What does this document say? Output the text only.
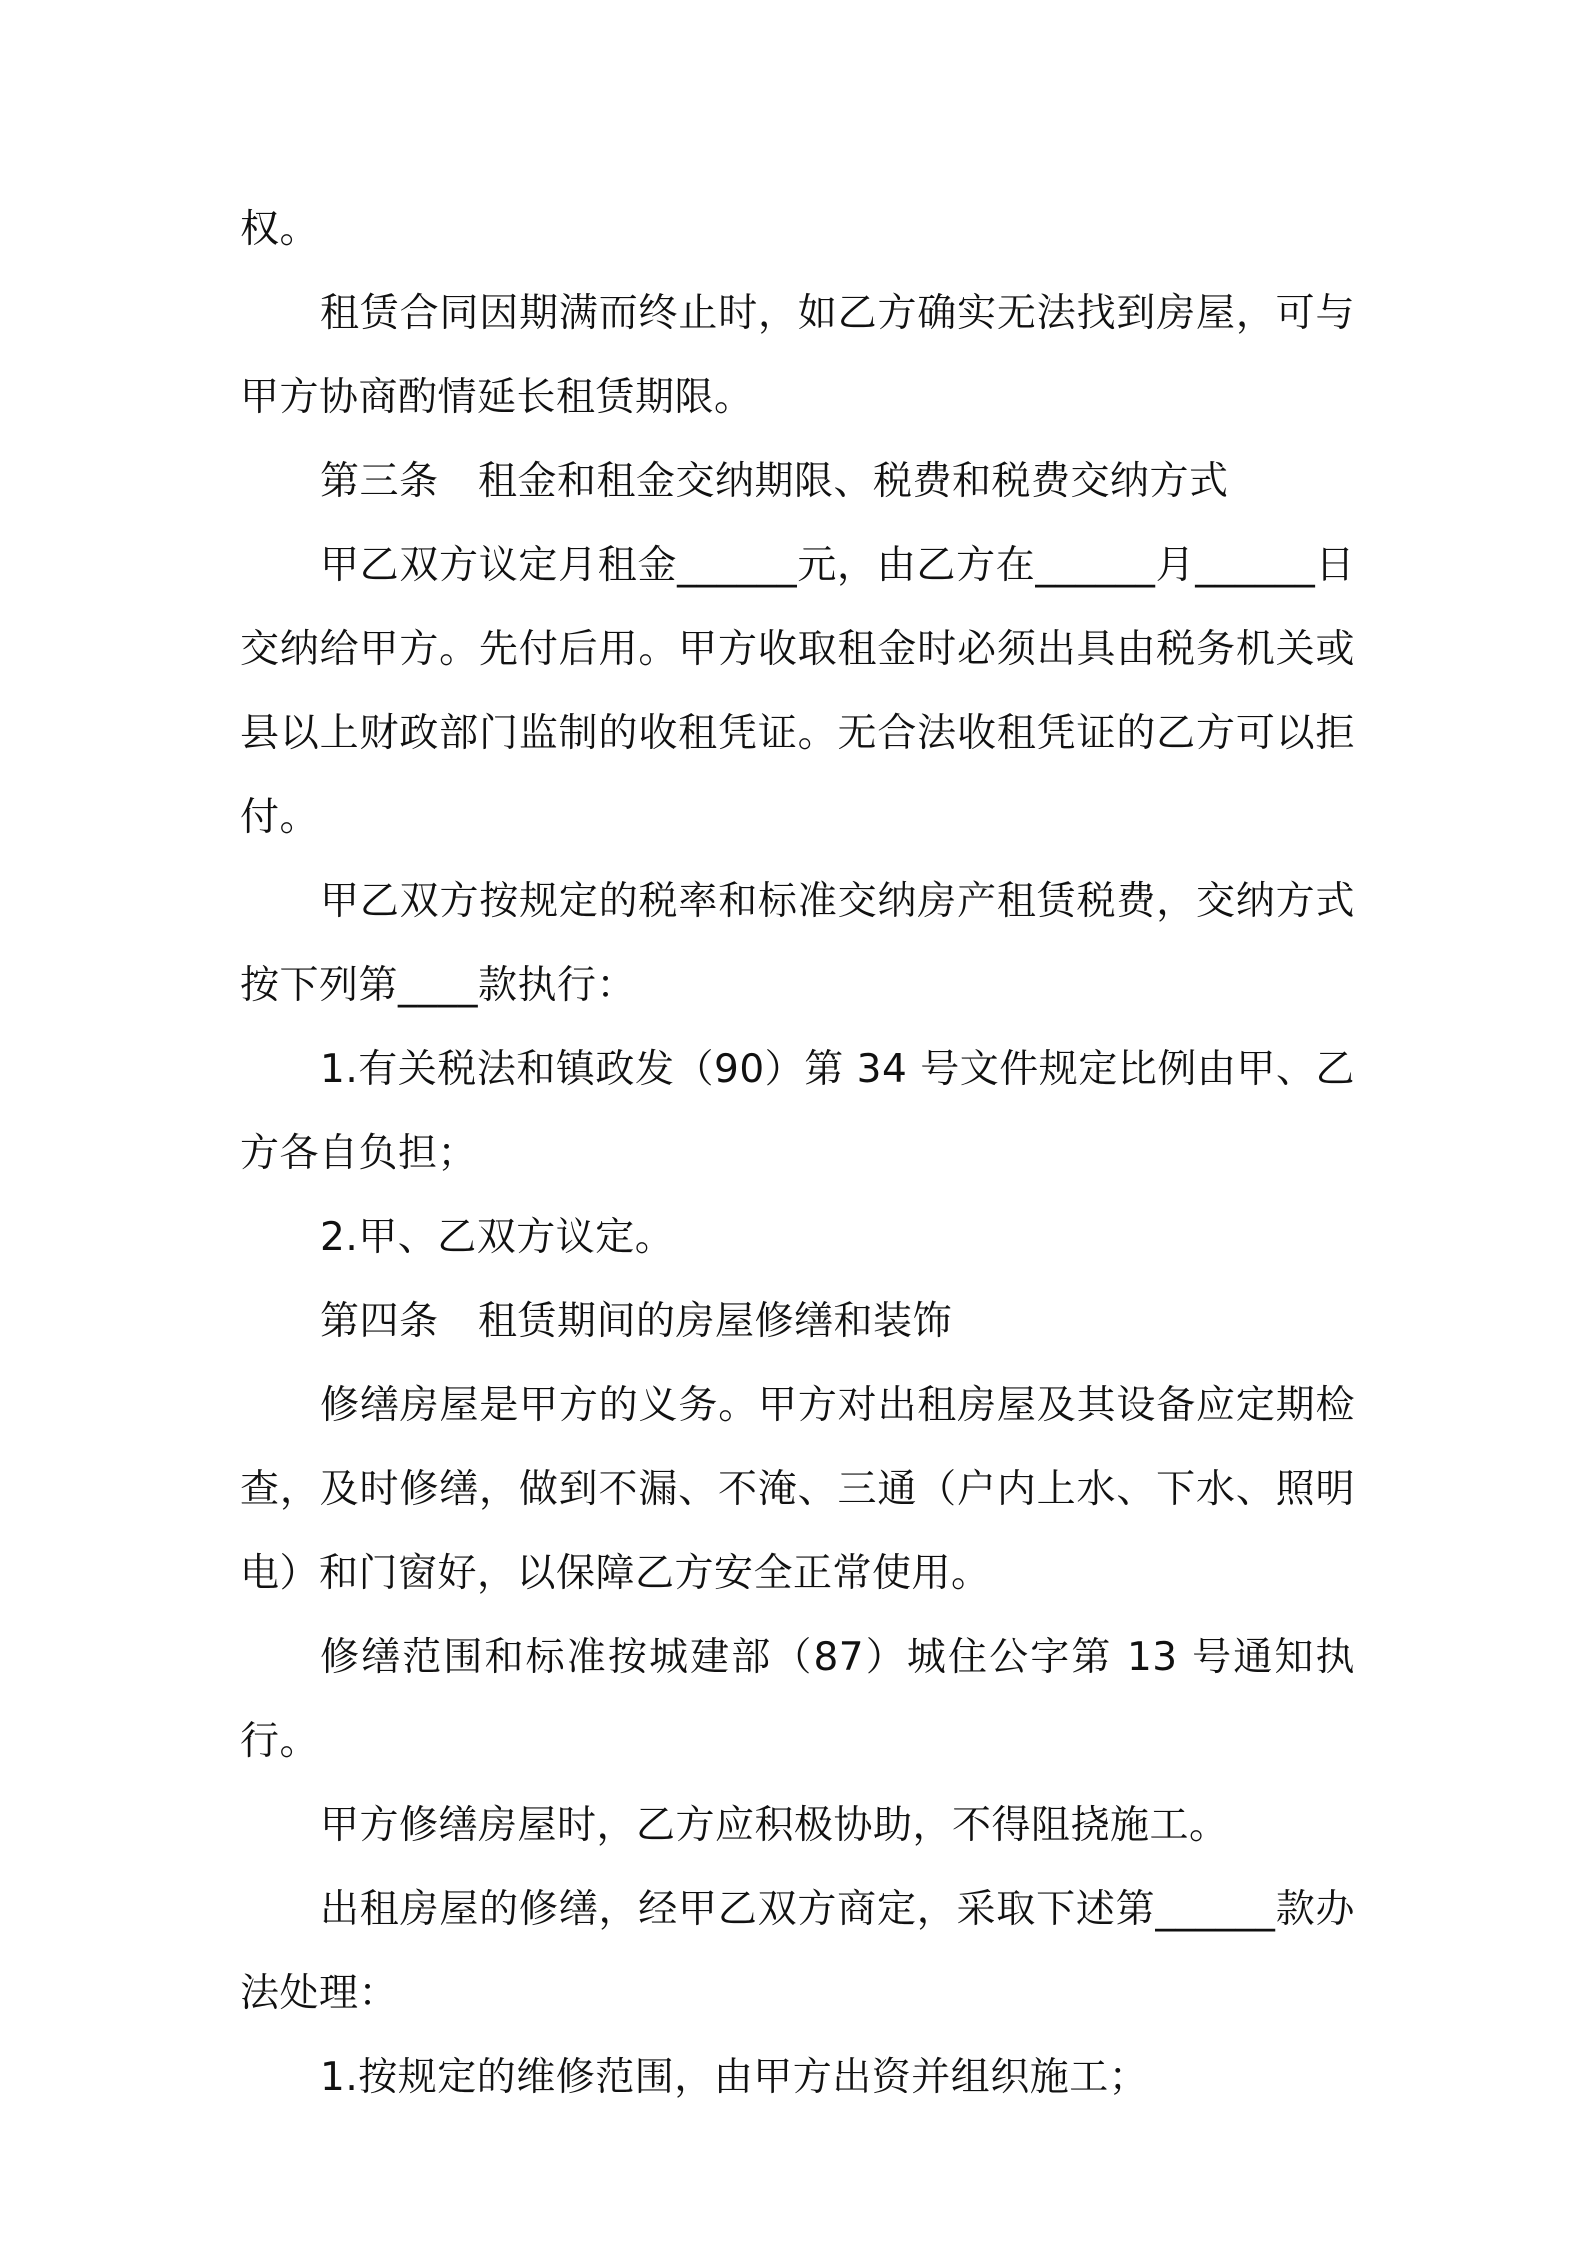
权。

租赁合同因期满而终止时，如乙方确实无法找到房屋，可与甲方协商酌情延长租赁期限。

第三条　租金和租金交纳期限、税费和税费交纳方式

甲乙双方议定月租金______元，由乙方在______月______日交纳给甲方。先付后用。甲方收取租金时必须出具由税务机关或县以上财政部门监制的收租凭证。无合法收租凭证的乙方可以拒付。

甲乙双方按规定的税率和标准交纳房产租赁税费，交纳方式按下列第____款执行：

1.有关税法和镇政发（90）第 34 号文件规定比例由甲、乙方各自负担；

2.甲、乙双方议定。

第四条　租赁期间的房屋修缮和装饰

修缮房屋是甲方的义务。甲方对出租房屋及其设备应定期检查，及时修缮，做到不漏、不淹、三通（户内上水、下水、照明电）和门窗好，以保障乙方安全正常使用。

修缮范围和标准按城建部（87）城住公字第 13 号通知执行。

甲方修缮房屋时，乙方应积极协助，不得阻挠施工。

出租房屋的修缮，经甲乙双方商定，采取下述第______款办法处理：

1.按规定的维修范围，由甲方出资并组织施工；
